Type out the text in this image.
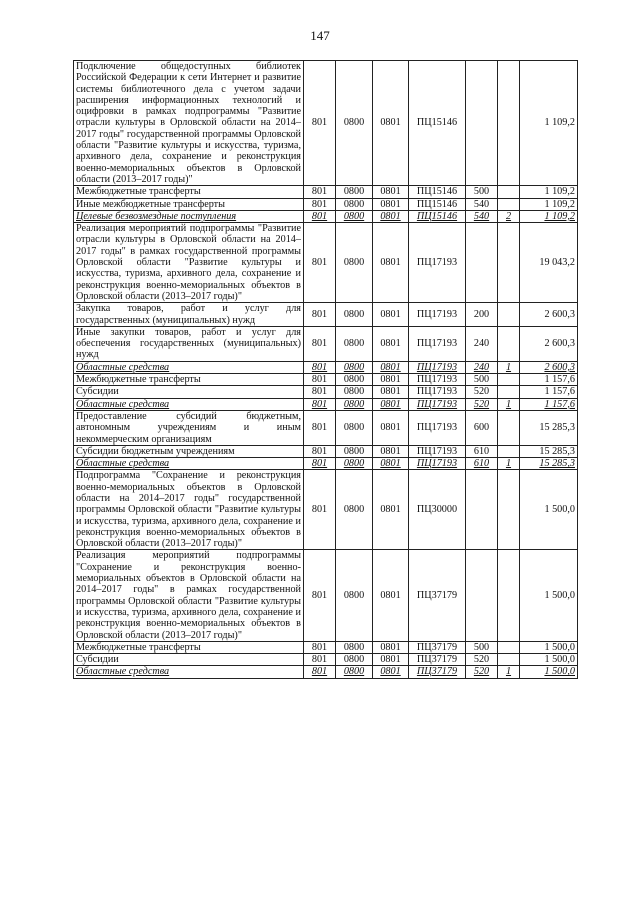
147
Подключение общедоступных библиотек Российской Федерации к сети Интернет и развитие системы библиотечного дела с учетом задачи расширения информационных технологий и оцифровки в рамках подпрограммы "Развитие отрасли культуры в Орловской области на 2014–2017 годы" государственной программы Орловской области "Развитие культуры и искусства, туризма, архивного дела, сохранение и реконструкция военно-мемориальных объектов в Орловской области (2013–2017 годы)"	801	0800	0801	ПЦ15146			1 109,2
Межбюджетные трансферты	801	0800	0801	ПЦ15146	500		1 109,2
Иные межбюджетные трансферты	801	0800	0801	ПЦ15146	540		1 109,2
Целевые безвозмездные поступления	801	0800	0801	ПЦ15146	540	2	1 109,2
Реализация мероприятий подпрограммы "Развитие отрасли культуры в Орловской области на 2014–2017 годы" в рамках государственной программы Орловской области "Развитие культуры и искусства, туризма, архивного дела, сохранение и реконструкция военно-мемориальных объектов в Орловской области (2013–2017 годы)"	801	0800	0801	ПЦ17193			19 043,2
Закупка товаров, работ и услуг для государственных (муниципальных) нужд	801	0800	0801	ПЦ17193	200		2 600,3
Иные закупки товаров, работ и услуг для обеспечения государственных (муниципальных) нужд	801	0800	0801	ПЦ17193	240		2 600,3
Областные средства	801	0800	0801	ПЦ17193	240	1	2 600,3
Межбюджетные трансферты	801	0800	0801	ПЦ17193	500		1 157,6
Субсидии	801	0800	0801	ПЦ17193	520		1 157,6
Областные средства	801	0800	0801	ПЦ17193	520	1	1 157,6
Предоставление субсидий бюджетным, автономным учреждениям и иным некоммерческим организациям	801	0800	0801	ПЦ17193	600		15 285,3
Субсидии бюджетным учреждениям	801	0800	0801	ПЦ17193	610		15 285,3
Областные средства	801	0800	0801	ПЦ17193	610	1	15 285,3
Подпрограмма "Сохранение и реконструкция военно-мемориальных объектов в Орловской области на 2014–2017 годы" государственной программы Орловской области "Развитие культуры и искусства, туризма, архивного дела, сохранение и реконструкция военно-мемориальных объектов в Орловской области (2013–2017 годы)"	801	0800	0801	ПЦ30000			1 500,0
Реализация мероприятий подпрограммы "Сохранение и реконструкция военно-мемориальных объектов в Орловской области на 2014–2017 годы" в рамках государственной программы Орловской области "Развитие культуры и искусства, туризма, архивного дела, сохранение и реконструкция военно-мемориальных объектов в Орловской области (2013–2017 годы)"	801	0800	0801	ПЦ37179			1 500,0
Межбюджетные трансферты	801	0800	0801	ПЦ37179	500		1 500,0
Субсидии	801	0800	0801	ПЦ37179	520		1 500,0
Областные средства	801	0800	0801	ПЦ37179	520	1	1 500,0
